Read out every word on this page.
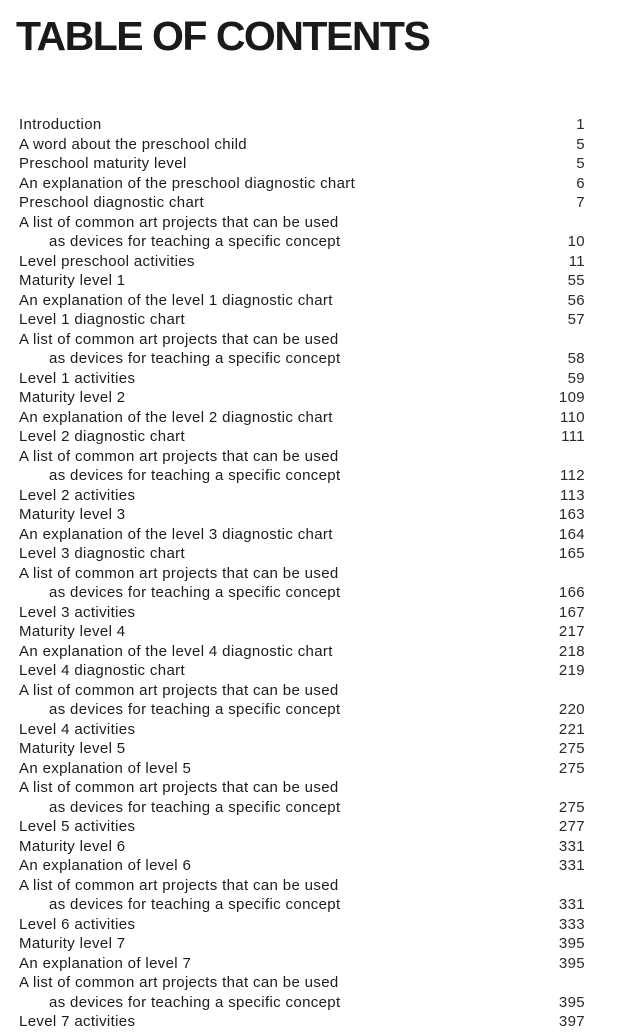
TABLE OF CONTENTS
Introduction	1
A word about the preschool child	5
Preschool maturity level	5
An explanation of the preschool diagnostic chart	6
Preschool diagnostic chart	7
A list of common art projects that can be used
as devices for teaching a specific concept	10
Level preschool activities	11
Maturity level 1	55
An explanation of the level 1 diagnostic chart	56
Level 1 diagnostic chart	57
A list of common art projects that can be used
as devices for teaching a specific concept	58
Level 1 activities	59
Maturity level 2	109
An explanation of the level 2 diagnostic chart	110
Level 2 diagnostic chart	111
A list of common art projects that can be used
as devices for teaching a specific concept	112
Level 2 activities	113
Maturity level 3	163
An explanation of the level 3 diagnostic chart	164
Level 3 diagnostic chart	165
A list of common art projects that can be used
as devices for teaching a specific concept	166
Level 3 activities	167
Maturity level 4	217
An explanation of the level 4 diagnostic chart	218
Level 4 diagnostic chart	219
A list of common art projects that can be used
as devices for teaching a specific concept	220
Level 4 activities	221
Maturity level 5	275
An explanation of level 5	275
A list of common art projects that can be used
as devices for teaching a specific concept	275
Level 5 activities	277
Maturity level 6	331
An explanation of level 6	331
A list of common art projects that can be used
as devices for teaching a specific concept	331
Level 6 activities	333
Maturity level 7	395
An explanation of level 7	395
A list of common art projects that can be used
as devices for teaching a specific concept	395
Level 7 activities	397
